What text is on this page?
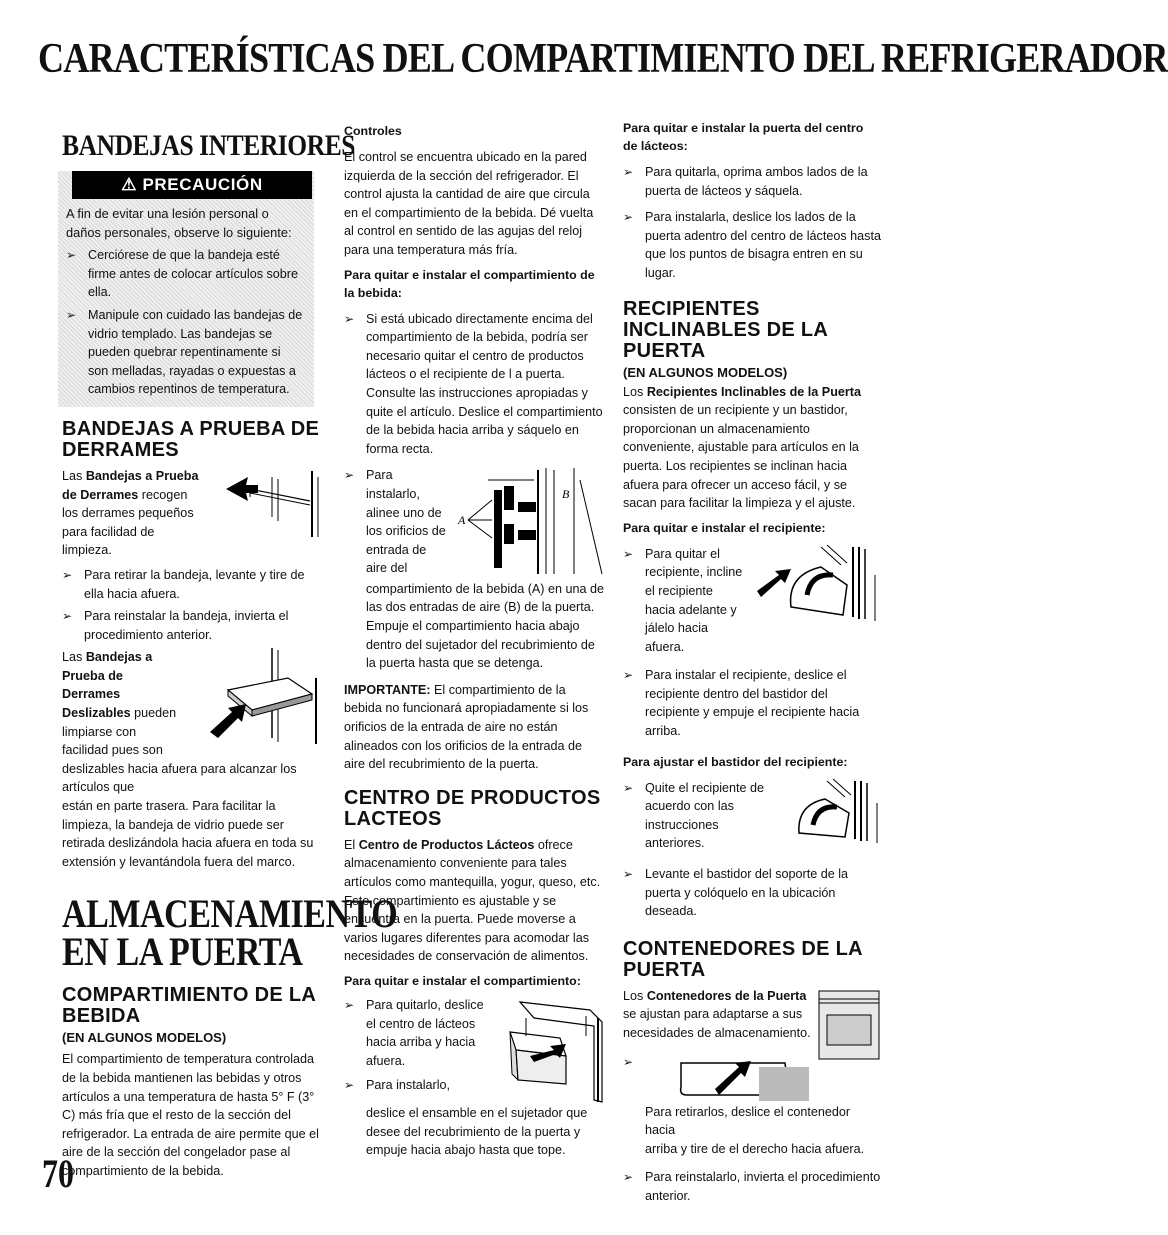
CARACTERÍSTICAS DEL COMPARTIMIENTO DEL REFRIGERADOR
BANDEJAS INTERIORES
⚠ PRECAUCIÓN
A fin de evitar una lesión personal o daños personales, observe lo siguiente:
➢ Cerciórese de que la bandeja esté firme antes de colocar artículos sobre ella.
➢ Manipule con cuidado las bandejas de vidrio templado. Las bandejas se pueden quebrar repentinamente si son melladas, rayadas o expuestas a cambios repentinos de temperatura.
BANDEJAS A PRUEBA DE DERRAMES
Las Bandejas a Prueba de Derrames recogen los derrames pequeños para facilidad de limpieza.
➢ Para retirar la bandeja, levante y tire de ella hacia afuera.
➢ Para reinstalar la bandeja, invierta el procedimiento anterior.
Las Bandejas a Prueba de Derrames Deslizables pueden limpiarse con facilidad pues son deslizables hacia afuera para alcanzar los artículos que
están en parte trasera. Para facilitar la limpieza, la bandeja de vidrio puede ser retirada deslizándola hacia afuera en toda su extensión y levantándola fuera del marco.
ALMACENAMIENTO EN LA PUERTA
COMPARTIMIENTO DE LA BEBIDA
(EN ALGUNOS MODELOS)
El compartimiento de temperatura controlada de la bebida mantienen las bebidas y otros artículos a una temperatura de hasta 5° F (3° C) más fría que el resto de la sección del refrigerador. La entrada de aire permite que el aire de la sección del congelador pase al compartimiento de la bebida.
Controles
El control se encuentra ubicado en la pared izquierda de la sección del refrigerador. El control ajusta la cantidad de aire que circula en el compartimiento de la bebida. Dé vuelta al control en sentido de las agujas del reloj para una temperatura más fría.
Para quitar e instalar el compartimiento de la bebida:
➢ Si está ubicado directamente encima del compartimiento de la bebida, podría ser necesario quitar el centro de productos lácteos o el recipiente de l a puerta. Consulte las instrucciones apropiadas y quite el artículo. Deslice el compartimiento de la bebida hacia arriba y sáquelo en forma recta.
➢
A
B
Para instalarlo, alinee uno de los orificios de entrada de aire del
compartimiento de la bebida (A) en una de las dos entradas de aire (B) de la puerta. Empuje el compartimiento hacia abajo dentro del sujetador del recubrimiento de la puerta hasta que se detenga.
IMPORTANTE: El compartimiento de la bebida no funcionará apropiadamente si los orificios de la entrada de aire no están alineados con los orificios de la entrada de aire del recubrimiento de la puerta.
CENTRO DE PRODUCTOS LACTEOS
El Centro de Productos Lácteos ofrece almacenamiento conveniente para tales artículos como mantequilla, yogur, queso, etc. Este compartimiento es ajustable y se encuentra en la puerta. Puede moverse a varios lugares diferentes para acomodar las necesidades de conservación de alimentos.
Para quitar e instalar el compartimiento:
➢ Para quitarlo, deslice el centro de lácteos hacia arriba y hacia afuera.
➢ Para instalarlo,
deslice el ensamble en el sujetador que desee del recubrimiento de la puerta y empuje hacia abajo hasta que tope.
Para quitar e instalar la puerta del centro de lácteos:
➢ Para quitarla, oprima ambos lados de la puerta de lácteos y sáquela.
➢ Para instalarla, deslice los lados de la puerta adentro del centro de lácteos hasta que los puntos de bisagra entren en su lugar.
RECIPIENTES INCLINABLES DE LA PUERTA
(EN ALGUNOS MODELOS)
Los Recipientes Inclinables de la Puerta consisten de un recipiente y un bastidor, proporcionan un almacenamiento conveniente, ajustable para artículos en la puerta. Los recipientes se inclinan hacia afuera para ofrecer un acceso fácil, y se sacan para facilitar la limpieza y el ajuste.
Para quitar e instalar el recipiente:
➢ Para quitar el recipiente, incline el recipiente hacia adelante y jálelo hacia afuera.
➢ Para instalar el recipiente, deslice el recipiente dentro del bastidor del recipiente y empuje el recipiente hacia arriba.
Para ajustar el bastidor del recipiente:
➢ Quite el recipiente de acuerdo con las instrucciones anteriores.
➢ Levante el bastidor del soporte de la puerta y colóquelo en la ubicación deseada.
CONTENEDORES DE LA PUERTA
Los Contenedores de la Puerta se ajustan para adaptarse a sus necesidades de almacenamiento.
➢
Para retirarlos, deslice el contenedor hacia
arriba y tire de el derecho hacia afuera.
➢ Para reinstalarlo, invierta el procedimiento anterior.
70
